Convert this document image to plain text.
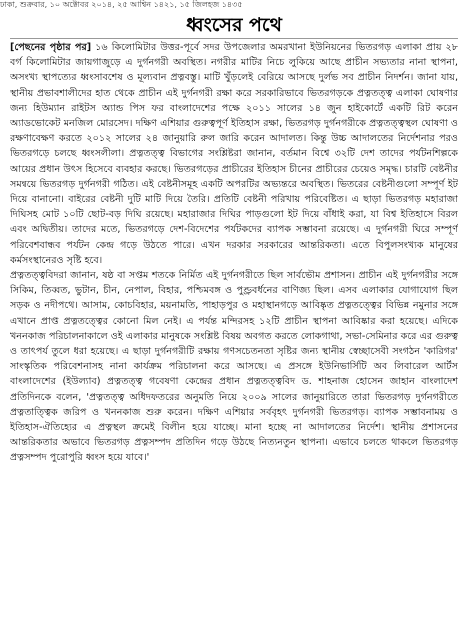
ঢাকা, শুক্রবার, ১০ অক্টোবর ২০১৪, ২৫ আশ্বিন ১৪২১, ১৫ জিলহজ ১৪৩৫
ধ্বংসের পথে

[পেছনের পৃষ্ঠার পর] ১৬ কিলোমিটার উত্তর-পূর্বে সদর উপজেলার অমরখানা ইউনিয়নের ভিতরগড় এলাকা প্রায় ২৮ বর্গ কিলোমিটার জায়গাজুড়ে এ দুর্গনগরী অবস্থিত। নগরীর মাটির নিচে লুকিয়ে আছে প্রাচীন সভ্যতার নানা স্থাপনা, অসংখ্য স্থাপত্যের ধ্বংসাবশেষ ও মূল্যবান প্রত্নবস্তু। মাটি খুঁড়লেই বেরিয়ে আসছে দুর্লভ সব প্রাচীন নিদর্শন। জানা যায়, স্থানীয় প্রভাবশালীদের হাত থেকে প্রাচীন এই দুর্গনগরী রক্ষা করে সরকারিভাবে ভিতরগড়কে প্রত্নতত্ত্ব এলাকা ঘোষণার জন্য হিউম্যান রাইটস অ্যান্ড পিস ফর বাংলাদেশের পক্ষে ২০১১ সালের ১৪ জুন হাইকোর্টে একটি রিট করেন অ্যাডভোকেট মনজিল মোরসেদ। দক্ষিণ এশিয়ার গুরুত্বপূর্ণ ইতিহাস রক্ষা, ভিতরগড় দুর্গনগরীকে প্রত্নতত্ত্বস্থল ঘোষণা ও রক্ষণাবেক্ষণ করতে ২০১২ সালের ২৪ জানুয়ারি রুল জারি করেন আদালত। কিন্তু উচ্চ আদালতের নির্দেশনার পরও ভিতরগড়ে চলছে ধ্বংসলীলা। প্রত্নতত্ত্ব বিভাগের সংশ্লিষ্টরা জানান, বর্তমান বিশ্বে ৩২টি দেশ তাদের পর্যটনশিল্পকে আয়ের প্রধান উৎস হিসেবে ব্যবহার করছে। ভিতরগড়ের প্রাচীরের ইতিহাস চীনের প্রাচীরের চেয়েও সমৃদ্ধ। চারটি বেষ্টনীর সমন্বয়ে ভিতরগড় দুর্গনগরী গঠিত। এই বেষ্টনীসমূহ একটি অপরটির অভ্যন্তরে অবস্থিত। ভিতরের বেষ্টনীগুলো সম্পূর্ণ ইট দিয়ে বানানো। বাইরের বেষ্টনী দুটি মাটি দিয়ে তৈরি। প্রতিটি বেষ্টনী পরিখায় পরিবেষ্টিত। এ ছাড়া ভিতরগড় মহারাজা দিঘিসহ মোট ১০টি ছোট-বড় দিঘি রয়েছে। মহারাজার দিঘির পাড়গুলো ইট দিয়ে বাঁধাই করা, যা বিশ্ব ইতিহাসে বিরল এবং অদ্বিতীয়। তাদের মতে, ভিতরগড়ে দেশ-বিদেশের পর্যটকদের ব্যাপক সম্ভাবনা রয়েছে। এ দুর্গনগরী ঘিরে সম্পূর্ণ পরিবেশবান্ধব পর্যটন কেন্দ্র গড়ে উঠতে পারে। এখন দরকার সরকারের আন্তরিকতা। এতে বিপুলসংখ্যক মানুষের কর্মসংস্থানেরও সৃষ্টি হবে।

প্রত্নতত্ত্ববিদরা জানান, ষষ্ঠ বা সপ্তম শতকে নির্মিত এই দুর্গনগরীতে ছিল সার্বভৌম প্রশাসন। প্রাচীন এই দুর্গনগরীর সঙ্গে সিকিম, তিব্বত, ভুটান, চীন, নেপাল, বিহার, পশ্চিমবঙ্গ ও পুণ্ড্রবর্ধনের বাণিজ্য ছিল। এসব এলাকার যোগাযোগ ছিল সড়ক ও নদীপথে। আসাম, কোচবিহার, ময়নামতি, পাহাড়পুর ও মহাস্থানগড়ে আবিষ্কৃত প্রত্নতত্ত্বের বিভিন্ন নমুনার সঙ্গে এখানে প্রাপ্ত প্রত্নতত্ত্বের কোনো মিল নেই। এ পর্যন্ত মন্দিরসহ ১২টি প্রাচীন স্থাপনা আবিষ্কার করা হয়েছে। এদিকে খননকাজ পরিচালনাকালে ওই এলাকার মানুষকে সংশ্লিষ্ট বিষয় অবগত করতে লোকগাথা, সভা-সেমিনার করে এর গুরুত্ব ও তাৎপর্য তুলে ধরা হয়েছে। এ ছাড়া দুর্গনগরীটি রক্ষায় গণসচেতনতা সৃষ্টির জন্য স্থানীয় স্বেচ্ছাসেবী সংগঠন 'কারিগর' সাংস্কৃতিক পরিবেশনাসহ নানা কার্যক্রম পরিচালনা করে আসছে। এ প্রসঙ্গে ইউনিভার্সিটি অব লিবারেল আর্টস বাংলাদেশের (ইউল্যাব) প্রত্নতত্ত্ব গবেষণা কেন্দ্রের প্রধান প্রত্নতত্ত্ববিদ ড. শাহনাজ হোসেন জাহান বাংলাদেশ প্রতিদিনকে বলেন, 'প্রত্নতত্ত্ব অধিদফতরের অনুমতি নিয়ে ২০০৯ সালের জানুয়ারিতে তারা ভিতরগড় দুর্গনগরীতে প্রত্নতাত্ত্বিক জরিপ ও খননকাজ শুরু করেন। দক্ষিণ এশিয়ার সর্ববৃহৎ দুর্গনগরী ভিতরগড়। ব্যাপক সম্ভাবনাময় ও ইতিহাস-ঐতিহ্যের এ প্রত্নস্থল ক্রমেই বিলীন হয়ে যাচ্ছে। মানা হচ্ছে না আদালতের নির্দেশ। স্থানীয় প্রশাসনের আন্তরিকতার অভাবে ভিতরগড় প্রত্নসম্পদ প্রতিদিন গড়ে উঠছে নিত্যনতুন স্থাপনা। এভাবে চলতে থাকলে ভিতরগড় প্রত্নসম্পদ পুরোপুরি ধ্বংস হয়ে যাবে।'
